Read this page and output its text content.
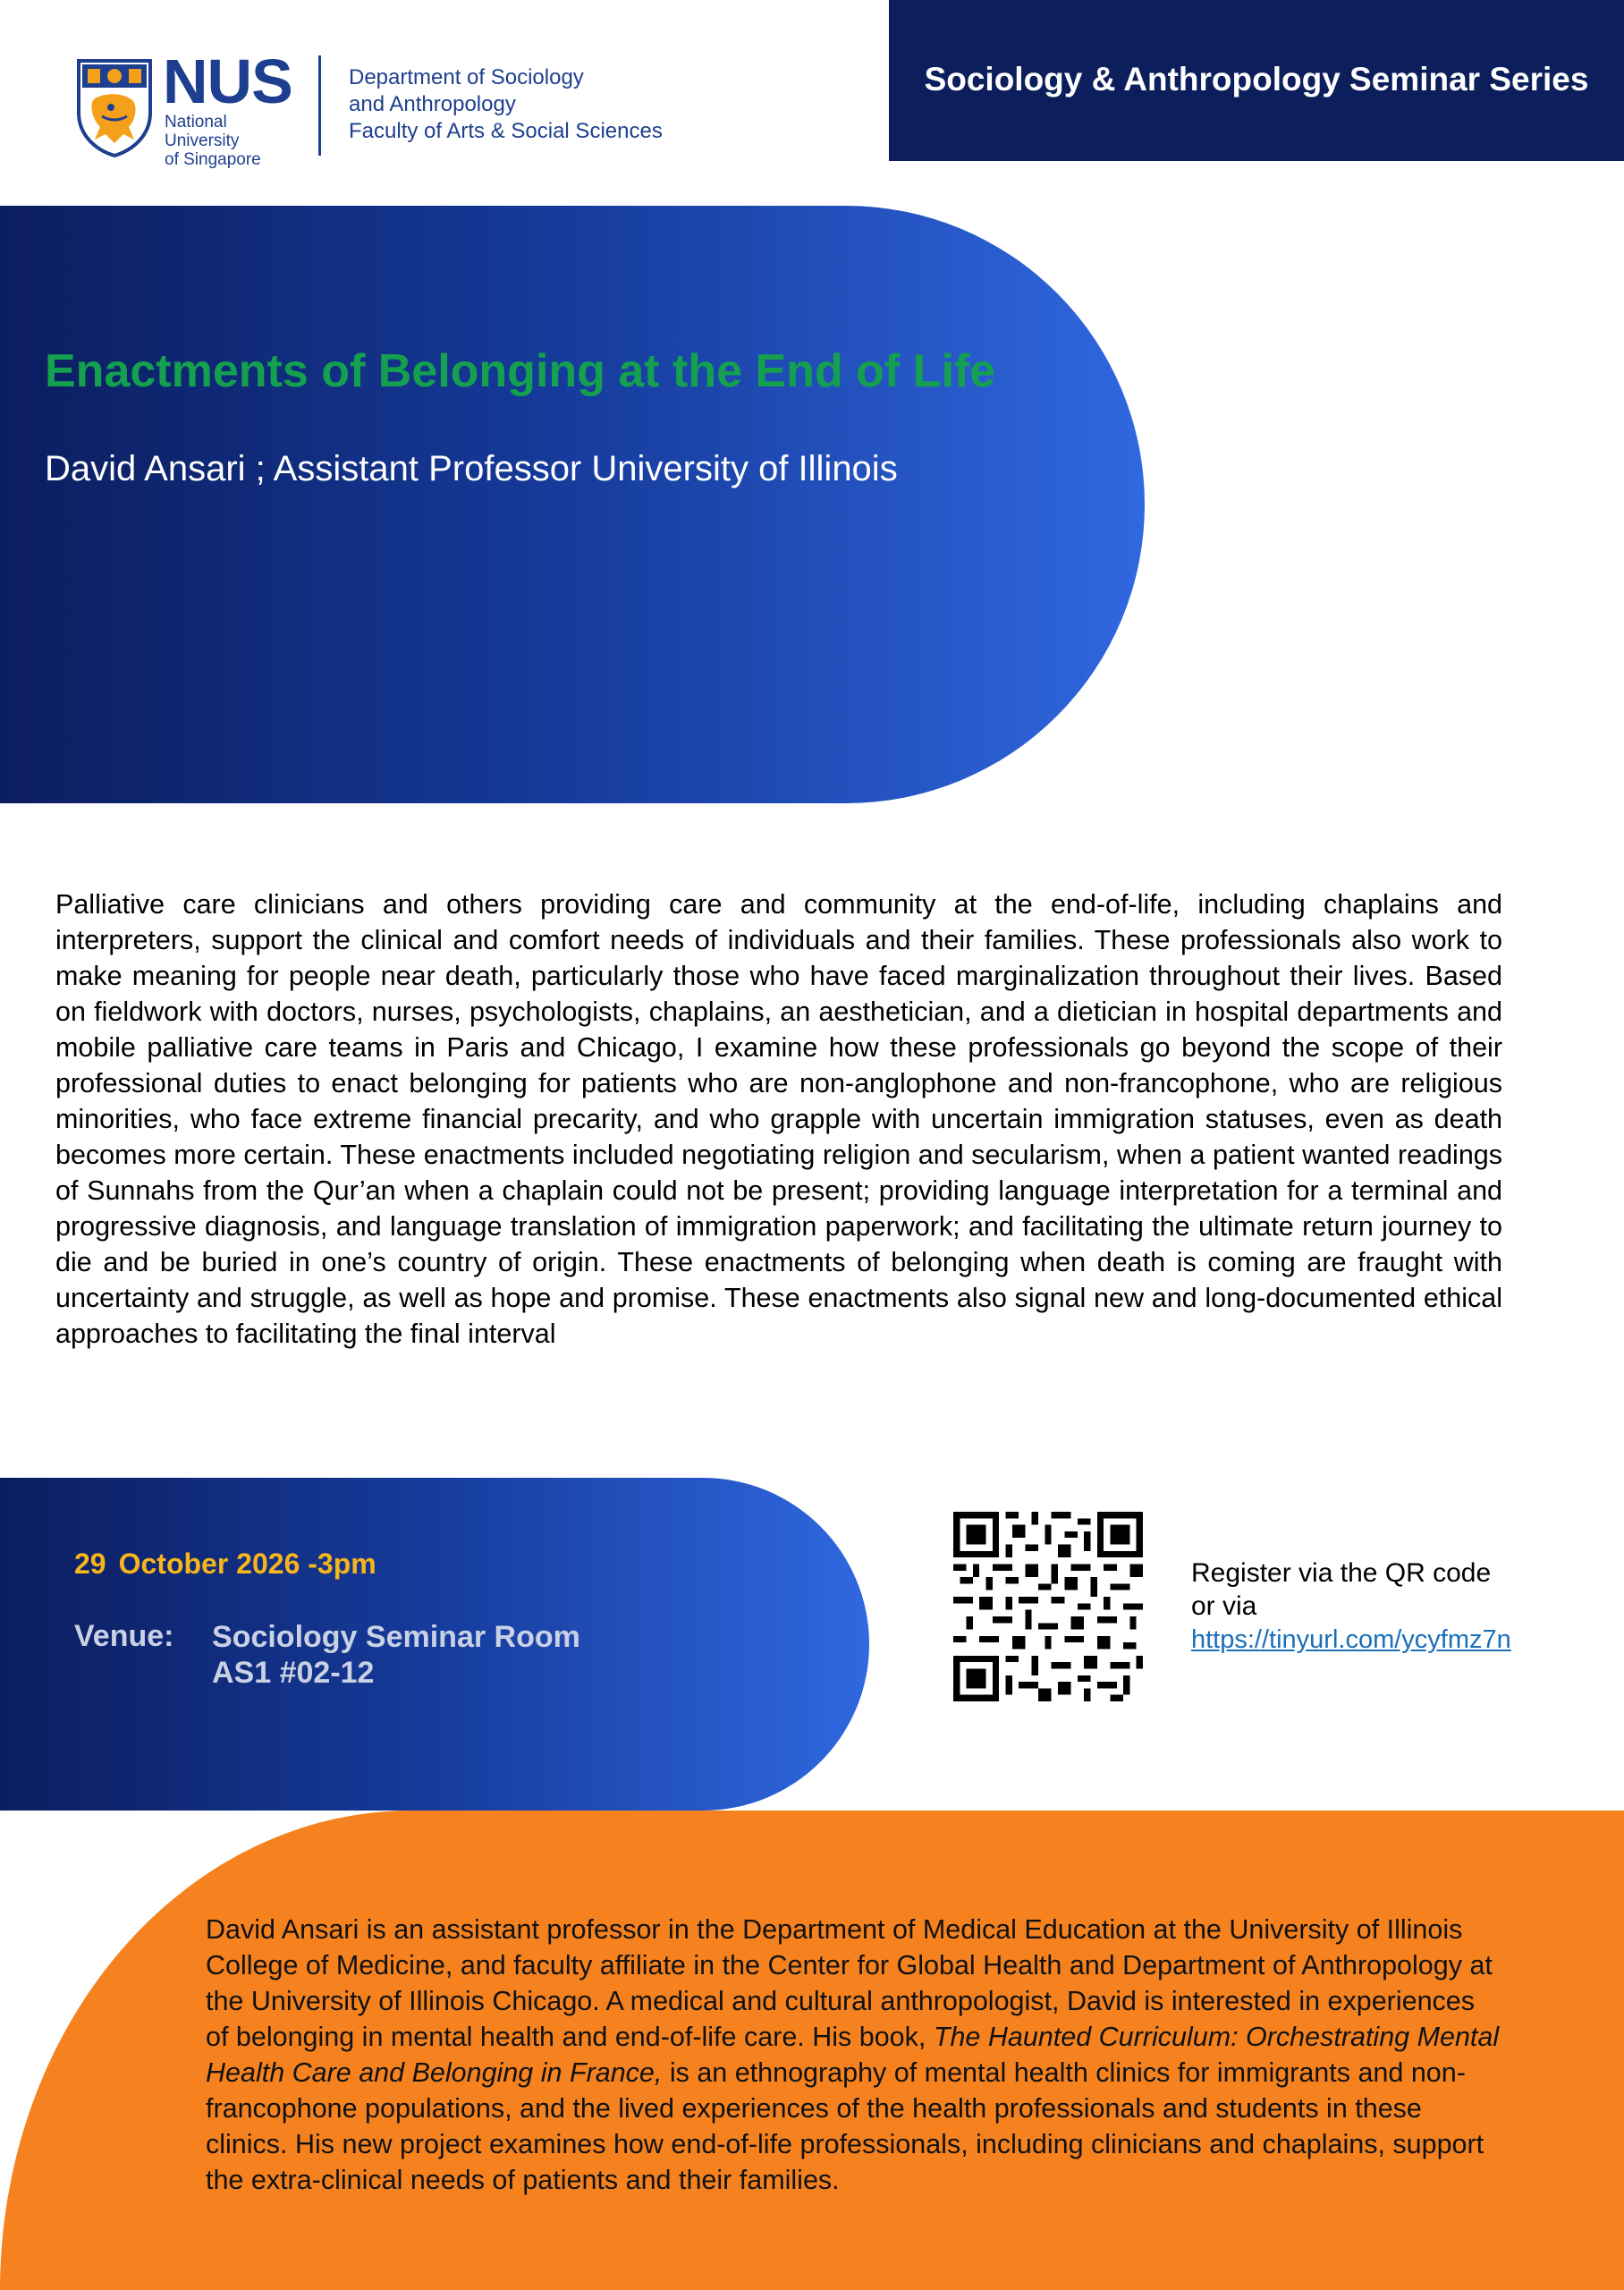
NUS
National University
of Singapore
Department of Sociology
and Anthropology
Faculty of Arts & Social Sciences
Sociology & Anthropology Seminar Series
Enactments of Belonging at the End of Life
David Ansari ; Assistant Professor University of Illinois
Palliative care clinicians and others providing care and community at the end-of-life, including chaplains and interpreters, support the clinical and comfort needs of individuals and their families. These professionals also work to make meaning for people near death, particularly those who have faced marginalization throughout their lives. Based on fieldwork with doctors, nurses, psychologists, chaplains, an aesthetician, and a dietician in hospital departments and mobile palliative care teams in Paris and Chicago, I examine how these professionals go beyond the scope of their professional duties to enact belonging for patients who are non-anglophone and non-francophone, who are religious minorities, who face extreme financial precarity, and who grapple with uncertain immigration statuses, even as death becomes more certain. These enactments included negotiating religion and secularism, when a patient wanted readings of Sunnahs from the Qur’an when a chaplain could not be present; providing language interpretation for a terminal and progressive diagnosis, and language translation of immigration paperwork; and facilitating the ultimate return journey to die and be buried in one’s country of origin. These enactments of belonging when death is coming are fraught with uncertainty and struggle, as well as hope and promise. These enactments also signal new and long-documented ethical approaches to facilitating the final interval
29 October 2026 -3pm
Venue: Sociology Seminar Room
AS1 #02-12
Register via the QR code
or via
https://tinyurl.com/ycyfmz7n
David Ansari is an assistant professor in the Department of Medical Education at the University of Illinois College of Medicine, and faculty affiliate in the Center for Global Health and Department of Anthropology at the University of Illinois Chicago. A medical and cultural anthropologist, David is interested in experiences of belonging in mental health and end-of-life care. His book, The Haunted Curriculum: Orchestrating Mental Health Care and Belonging in France, is an ethnography of mental health clinics for immigrants and non-francophone populations, and the lived experiences of the health professionals and students in these clinics. His new project examines how end-of-life professionals, including clinicians and chaplains, support the extra-clinical needs of patients and their families.
